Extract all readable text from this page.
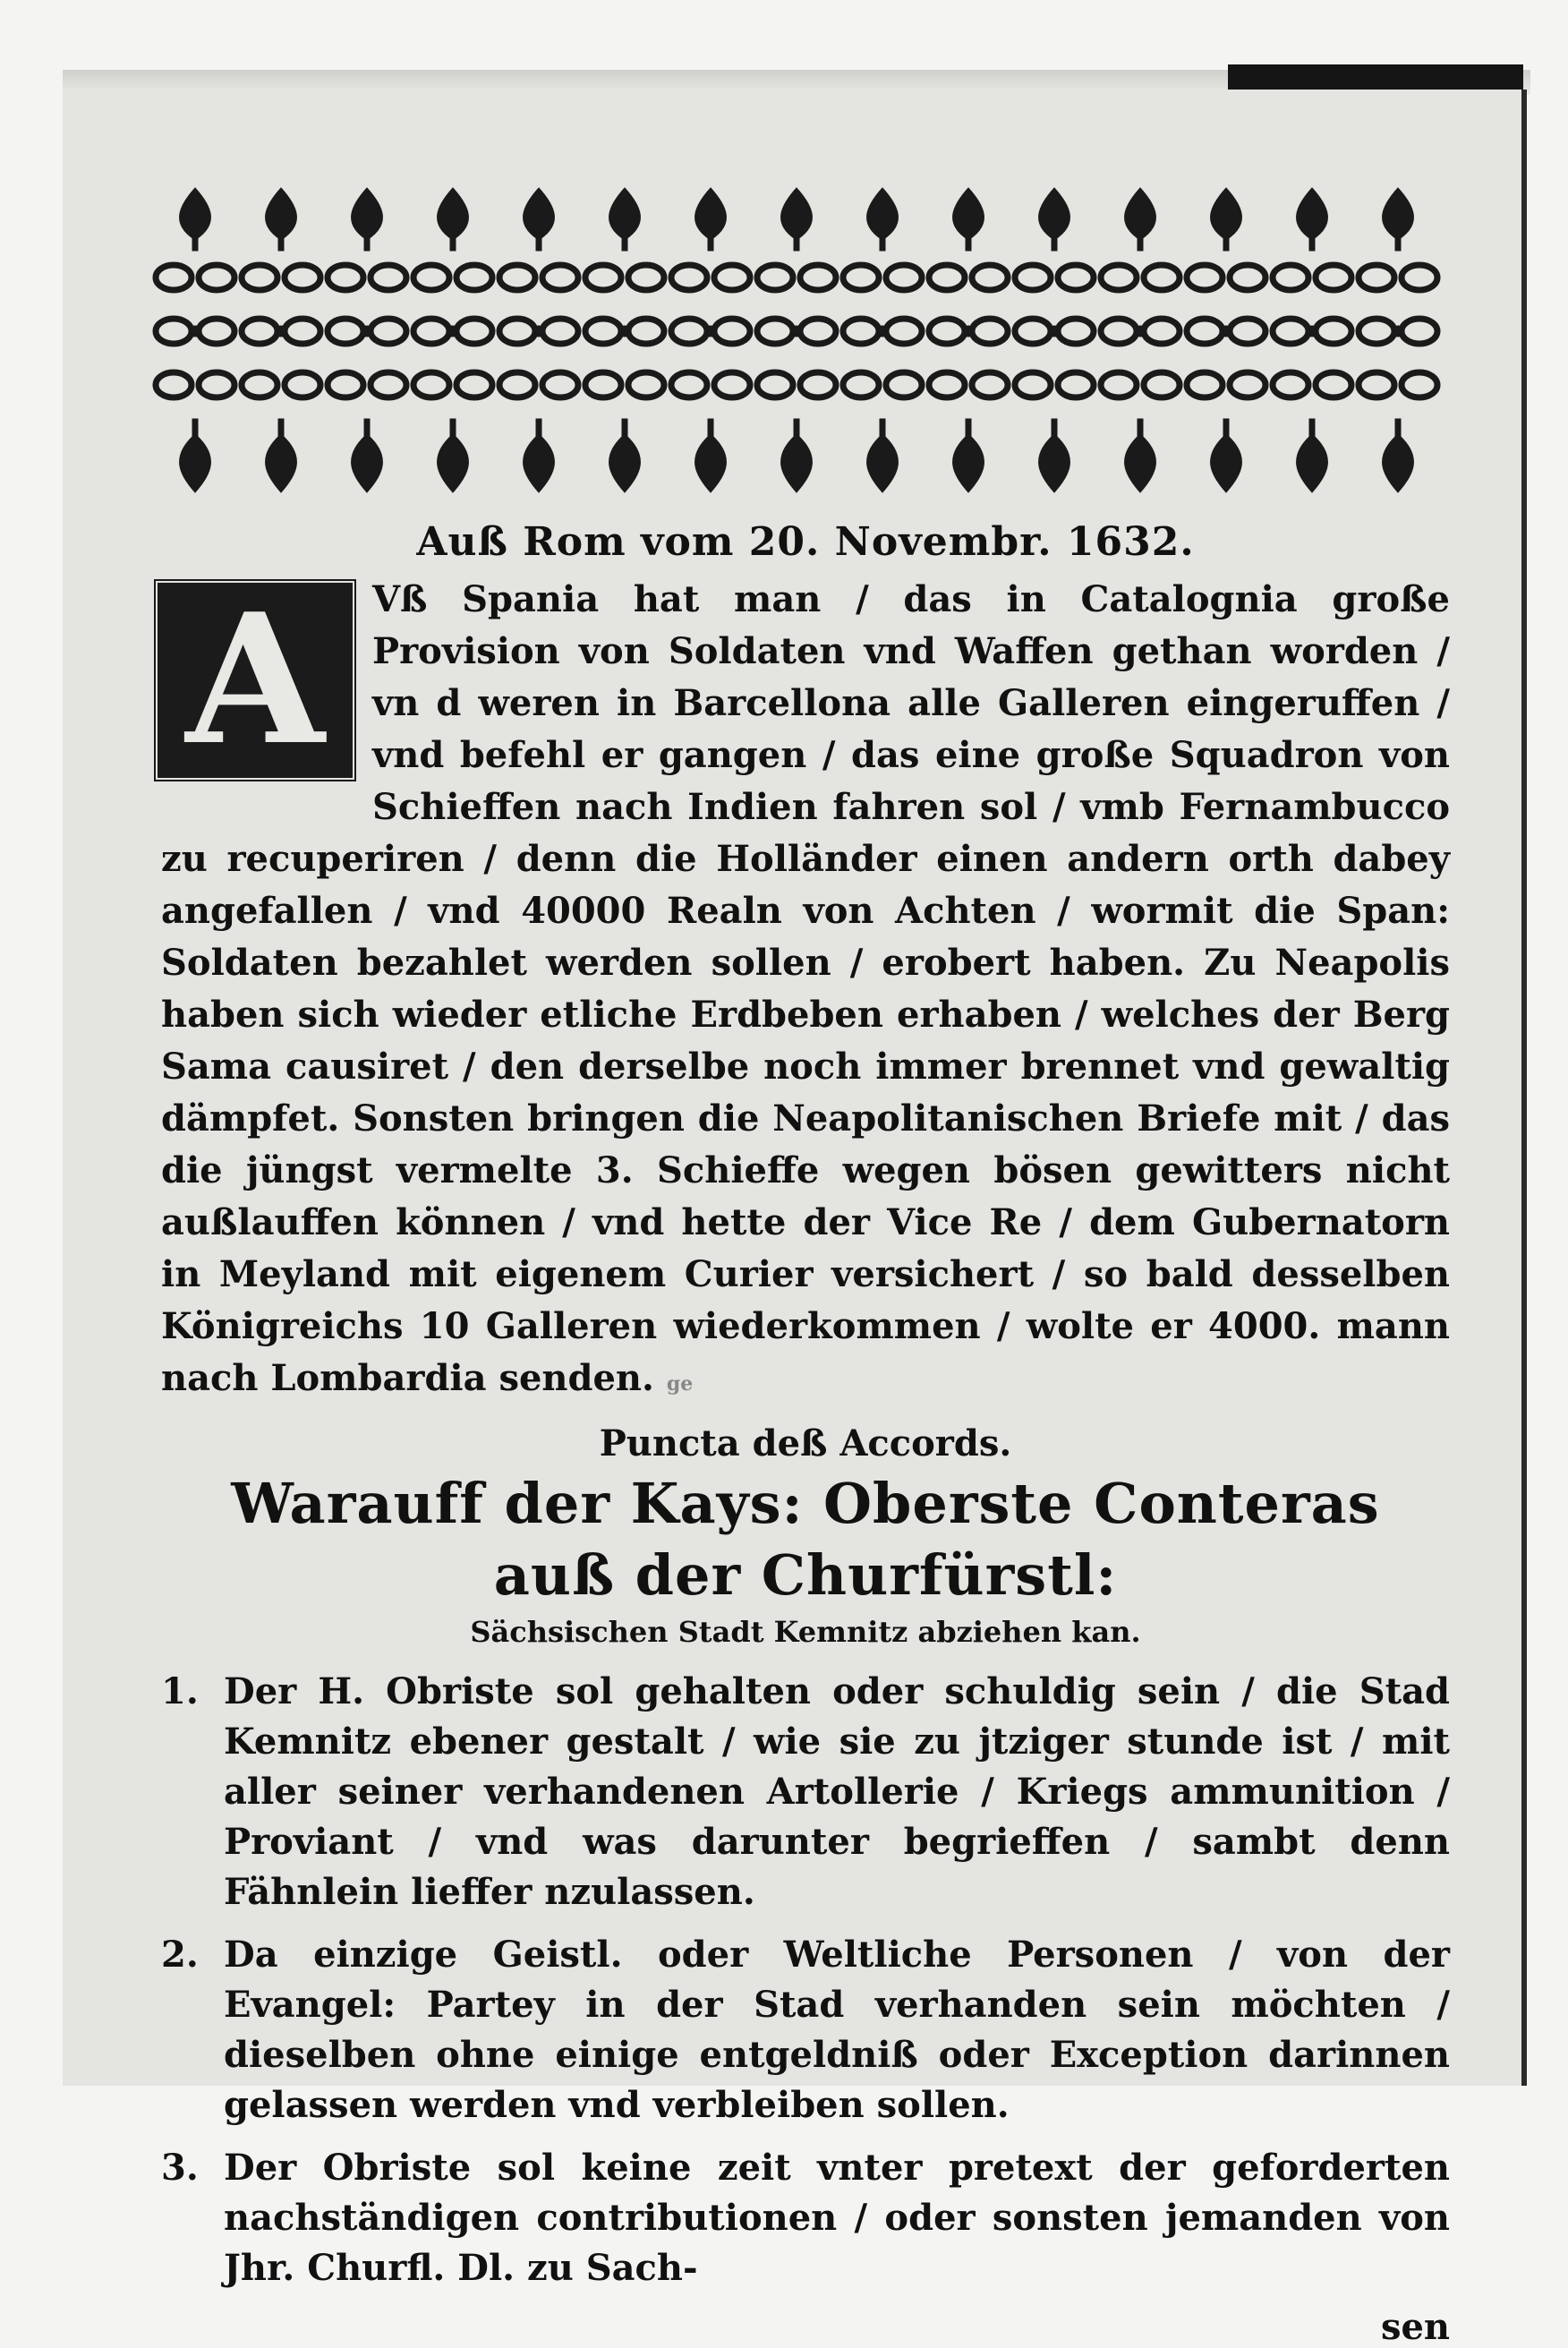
Auß Rom vom 20. Novembr. 1632.

A	Vß Spania hat man / das in Catalognia große Provision von Soldaten vnd Waffen gethan worden / vn d weren in Barcellona alle Galleren eingeruffen / vnd befehl er gangen / das eine große Squadron von Schieffen nach Indien fahren sol / vmb Fernambucco zu recuperiren / denn die Holländer einen andern orth dabey angefallen / vnd 40000 Realn von Achten / wormit die Span: Soldaten bezahlet werden sollen / erobert haben. Zu Neapolis haben sich wieder etliche Erdbeben erhaben / welches der Berg Sama causiret / den derselbe noch immer brennet vnd gewaltig dämpfet. Sonsten bringen die Neapolitanischen Briefe mit / das die jüngst vermelte 3. Schieffe wegen bösen gewitters nicht außlauffen können / vnd hette der Vice Re / dem Gubernatorn in Meyland mit eigenem Curier versichert / so bald desselben Königreichs 10 Galleren wiederkommen / wolte er 4000. mann nach Lombardia senden. ge

Puncta deß Accords.

Warauff der Kays: Oberste Conteras auß der Churfürstl:

Sächsischen Stadt Kemnitz abziehen kan.

1. Der H. Obriste sol gehalten oder schuldig sein / die Stad Kemnitz ebener gestalt / wie sie zu jtziger stunde ist / mit aller seiner verhandenen Artollerie / Kriegs ammunition / Proviant / vnd was darunter begrieffen / sambt denn Fähnlein lieffer nzulassen.
2. Da einzige Geistl. oder Weltliche Personen / von der Evangel: Partey in der Stad verhanden sein möchten / dieselben ohne einige entgeldniß oder Exception darinnen gelassen werden vnd verbleiben sollen.
3. Der Obriste sol keine zeit vnter pretext der geforderten nachständigen contributionen / oder sonsten jemanden von Jhr. Churfl. Dl. zu Sach-
sen
